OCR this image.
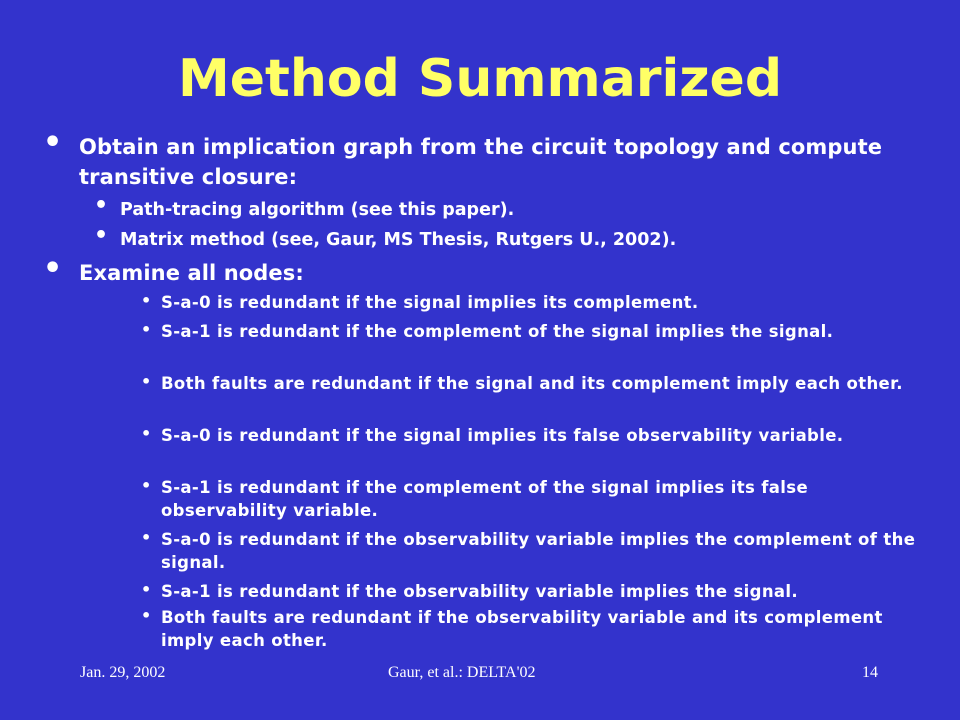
Method Summarized
• Obtain an implication graph from the circuit topology and compute transitive closure:
• Path-tracing algorithm (see this paper).
• Matrix method (see, Gaur, MS Thesis, Rutgers U., 2002).
• Examine all nodes:
• S-a-0 is redundant if the signal implies its complement.
• S-a-1 is redundant if the complement of the signal implies the signal.
• Both faults are redundant if the signal and its complement imply each other.
• S-a-0 is redundant if the signal implies its false observability variable.
• S-a-1 is redundant if the complement of the signal implies its false observability variable.
• S-a-0 is redundant if the observability variable implies the complement of the signal.
• S-a-1 is redundant if the observability variable implies the signal.
• Both faults are redundant if the observability variable and its complement imply each other.
Jan. 29, 2002	Gaur, et al.: DELTA'02	14
